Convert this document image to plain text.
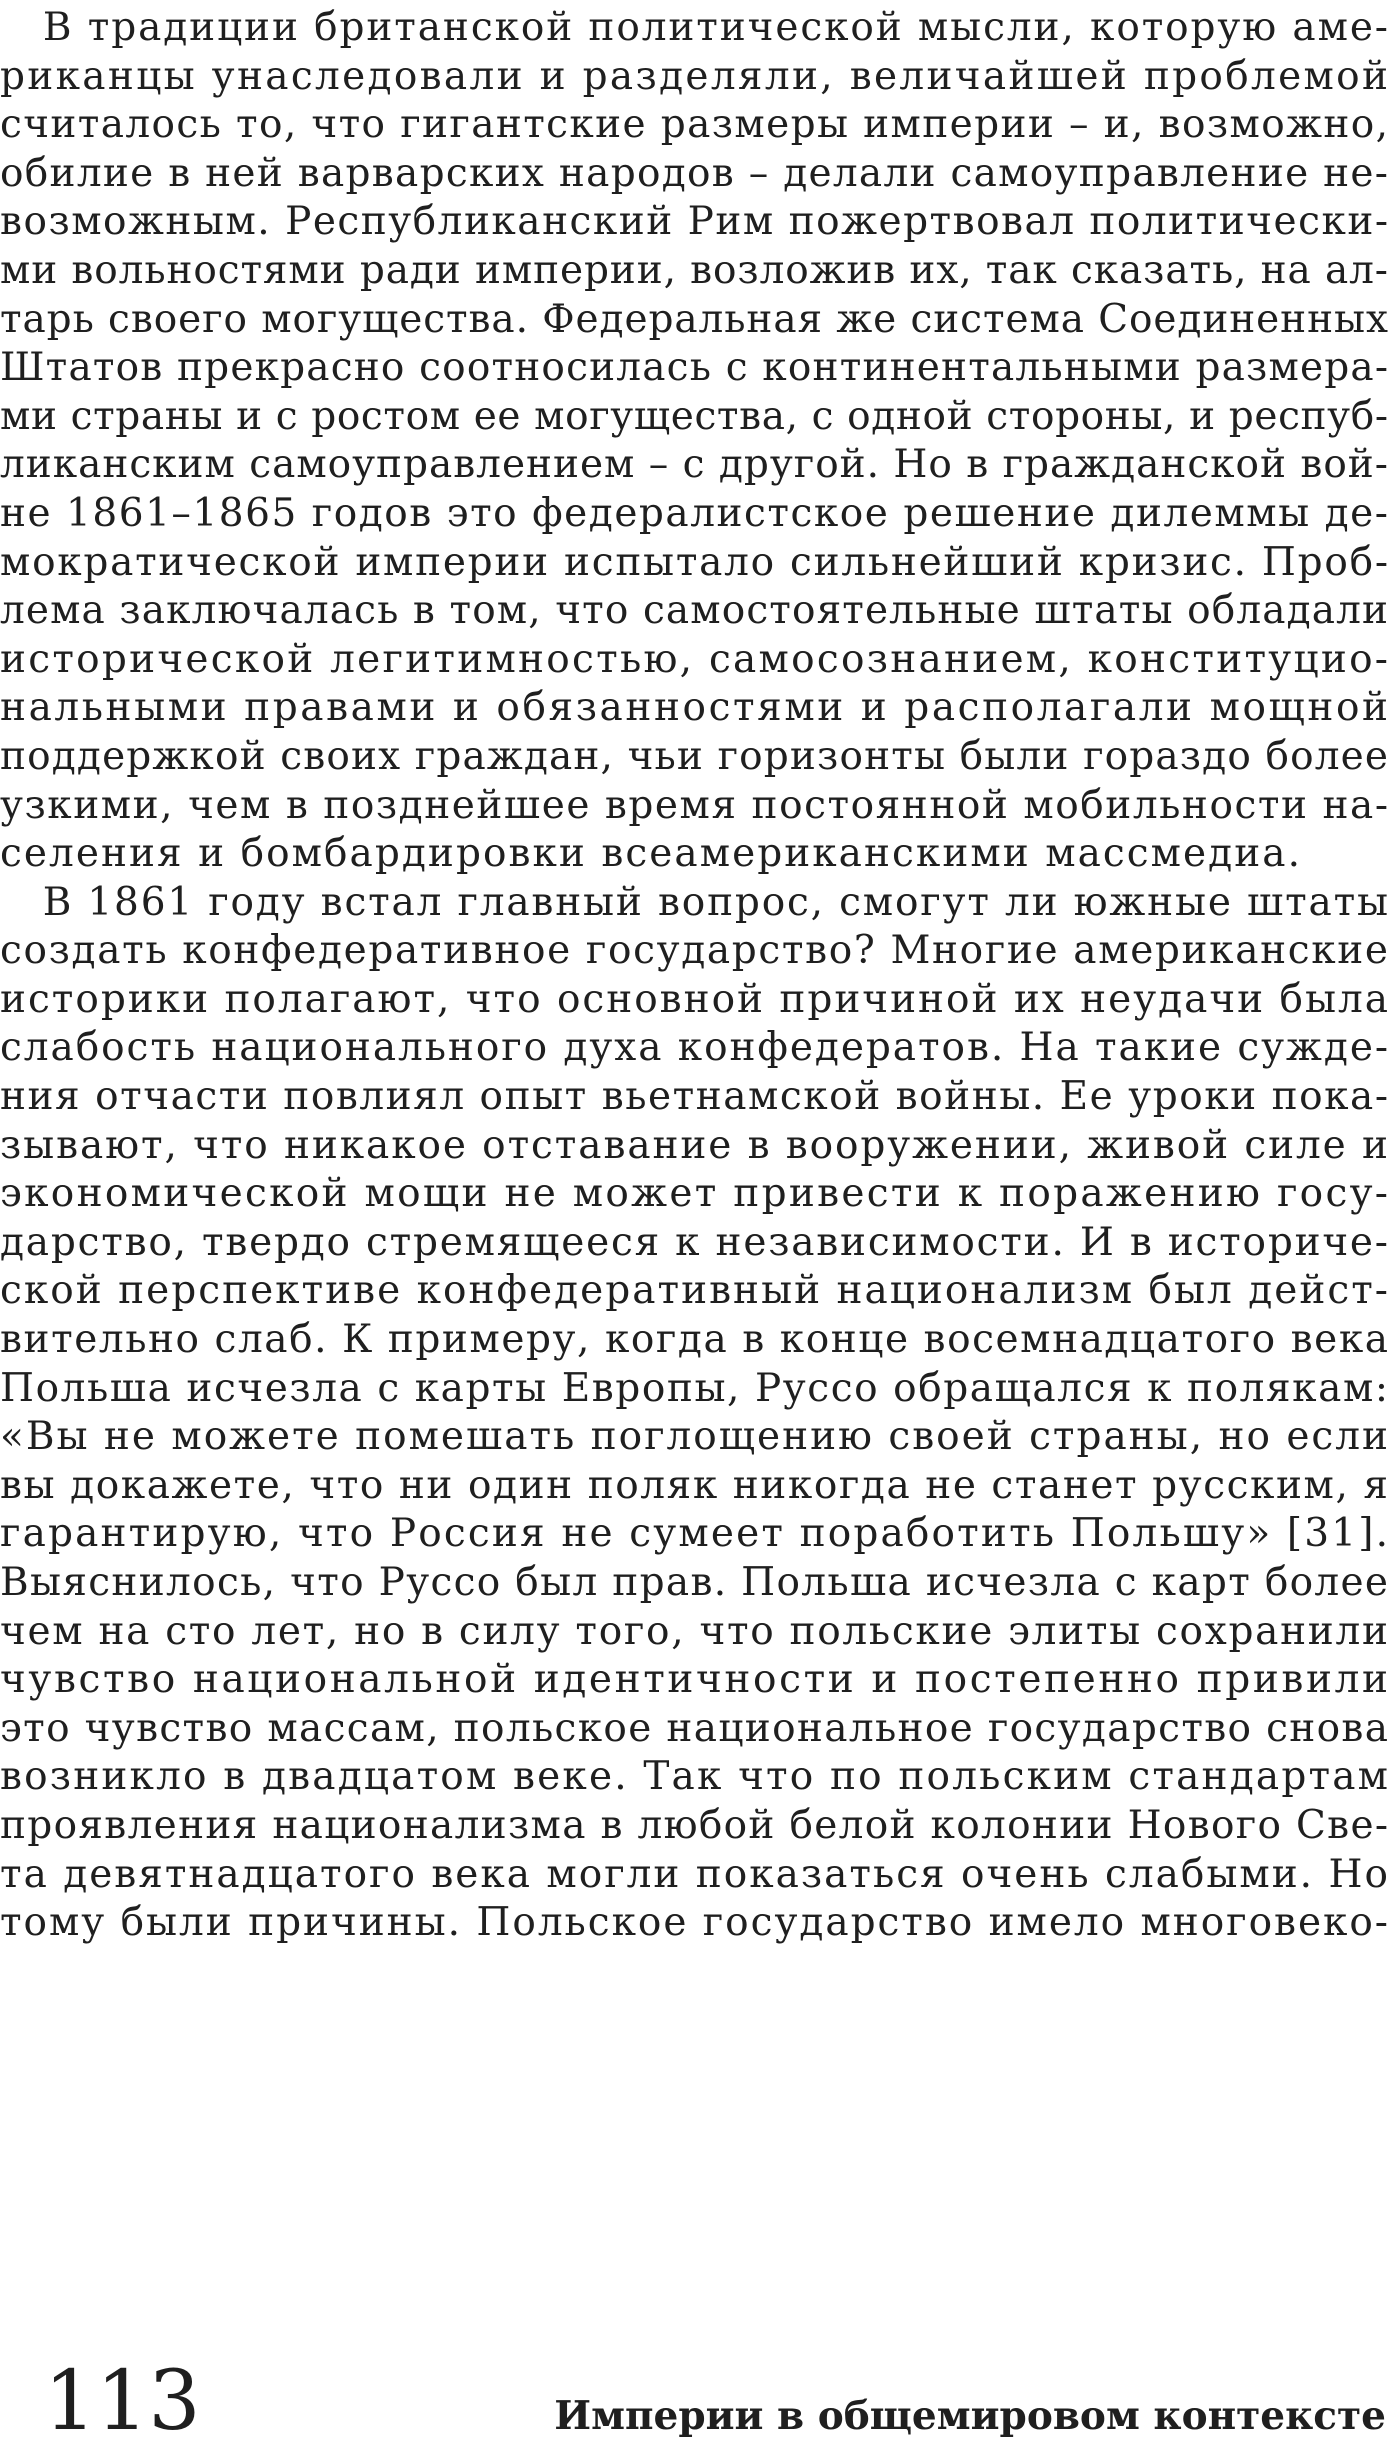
В традиции британской политической мысли, которую аме-
риканцы унаследовали и разделяли, величайшей проблемой
считалось то, что гигантские размеры империи – и, возможно,
обилие в ней варварских народов – делали самоуправление не-
возможным. Республиканский Рим пожертвовал политически-
ми вольностями ради империи, возложив их, так сказать, на ал-
тарь своего могущества. Федеральная же система Соединенных
Штатов прекрасно соотносилась с континентальными размера-
ми страны и с ростом ее могущества, с одной стороны, и респуб-
ликанским самоуправлением – с другой. Но в гражданской вой-
не 1861–1865 годов это федералистское решение дилеммы де-
мократической империи испытало сильнейший кризис. Проб-
лема заключалась в том, что самостоятельные штаты обладали
исторической легитимностью, самосознанием, конституцио-
нальными правами и обязанностями и располагали мощной
поддержкой своих граждан, чьи горизонты были гораздо более
узкими, чем в позднейшее время постоянной мобильности на-
селения и бомбардировки всеамериканскими массмедиа.
В 1861 году встал главный вопрос, смогут ли южные штаты
создать конфедеративное государство? Многие американские
историки полагают, что основной причиной их неудачи была
слабость национального духа конфедератов. На такие сужде-
ния отчасти повлиял опыт вьетнамской войны. Ее уроки пока-
зывают, что никакое отставание в вооружении, живой силе и
экономической мощи не может привести к поражению госу-
дарство, твердо стремящееся к независимости. И в историче-
ской перспективе конфедеративный национализм был дейст-
вительно слаб. К примеру, когда в конце восемнадцатого века
Польша исчезла с карты Европы, Руссо обращался к полякам:
«Вы не можете помешать поглощению своей страны, но если
вы докажете, что ни один поляк никогда не станет русским, я
гарантирую, что Россия не сумеет поработить Польшу» [31].
Выяснилось, что Руссо был прав. Польша исчезла с карт более
чем на сто лет, но в силу того, что польские элиты сохранили
чувство национальной идентичности и постепенно привили
это чувство массам, польское национальное государство снова
возникло в двадцатом веке. Так что по польским стандартам
проявления национализма в любой белой колонии Нового Све-
та девятнадцатого века могли показаться очень слабыми. Но
тому были причины. Польское государство имело многовеко-
113	Империи в общемировом контексте
